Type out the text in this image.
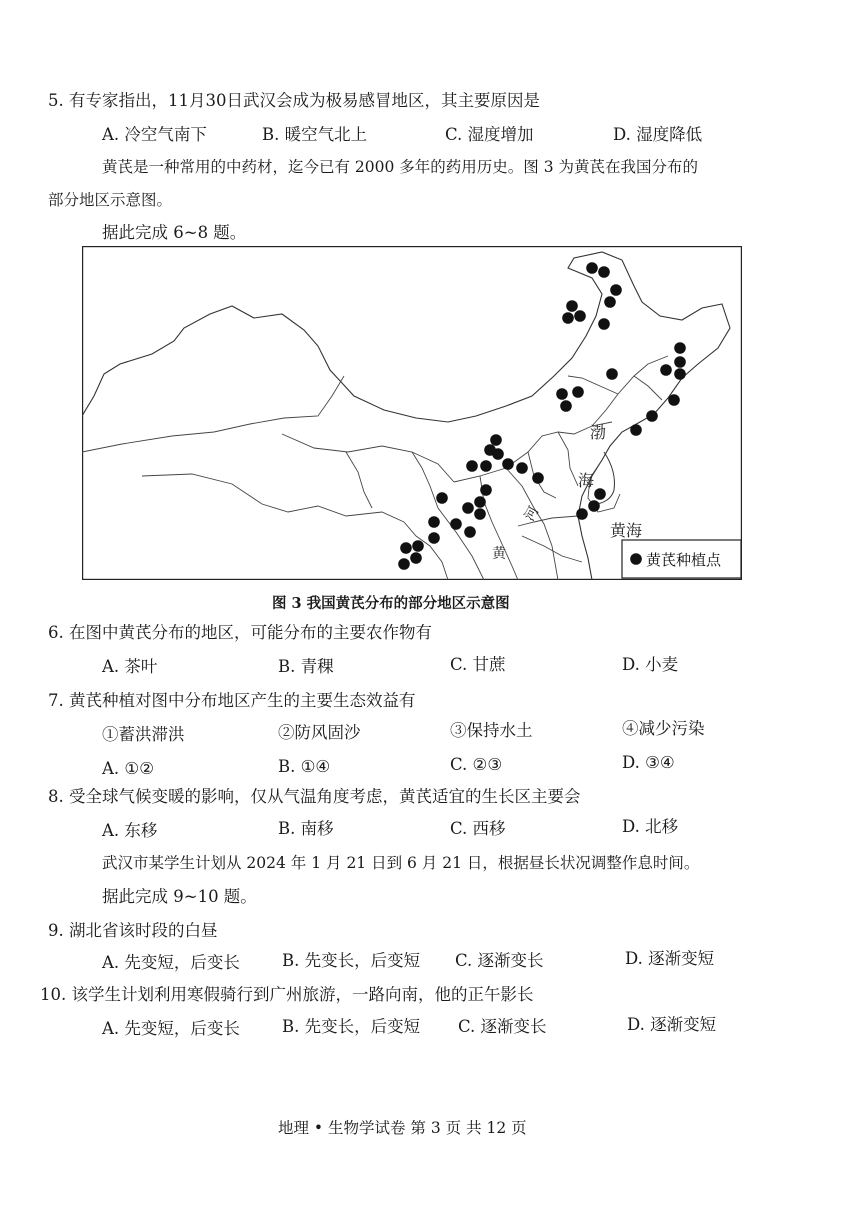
5. 有专家指出，11月30日武汉会成为极易感冒地区，其主要原因是
A. 冷空气南下	B. 暖空气北上	C. 湿度增加	D. 湿度降低
黄芪是一种常用的中药材，迄今已有 2000 多年的药用历史。图 3 为黄芪在我国分布的
部分地区示意图。
据此完成 6~8 题。
渤
海
黄海
河
黄	黄芪种植点
图 3 我国黄芪分布的部分地区示意图
6. 在图中黄芪分布的地区，可能分布的主要农作物有
A. 茶叶	B. 青稞	C. 甘蔗	D. 小麦
7. 黄芪种植对图中分布地区产生的主要生态效益有
①蓄洪滞洪	②防风固沙	③保持水土	④减少污染
A. ①②	B. ①④	C. ②③	D. ③④
8. 受全球气候变暖的影响，仅从气温角度考虑，黄芪适宜的生长区主要会
A. 东移	B. 南移	C. 西移	D. 北移
武汉市某学生计划从 2024 年 1 月 21 日到 6 月 21 日，根据昼长状况调整作息时间。
据此完成 9~10 题。
9. 湖北省该时段的白昼
A. 先变短，后变长	B. 先变长，后变短 C. 逐渐变长	D. 逐渐变短
10. 该学生计划利用寒假骑行到广州旅游，一路向南，他的正午影长
A. 先变短，后变长	B. 先变长，后变短 C. 逐渐变长	D. 逐渐变短
地理 • 生物学试卷 第 3 页 共 12 页
